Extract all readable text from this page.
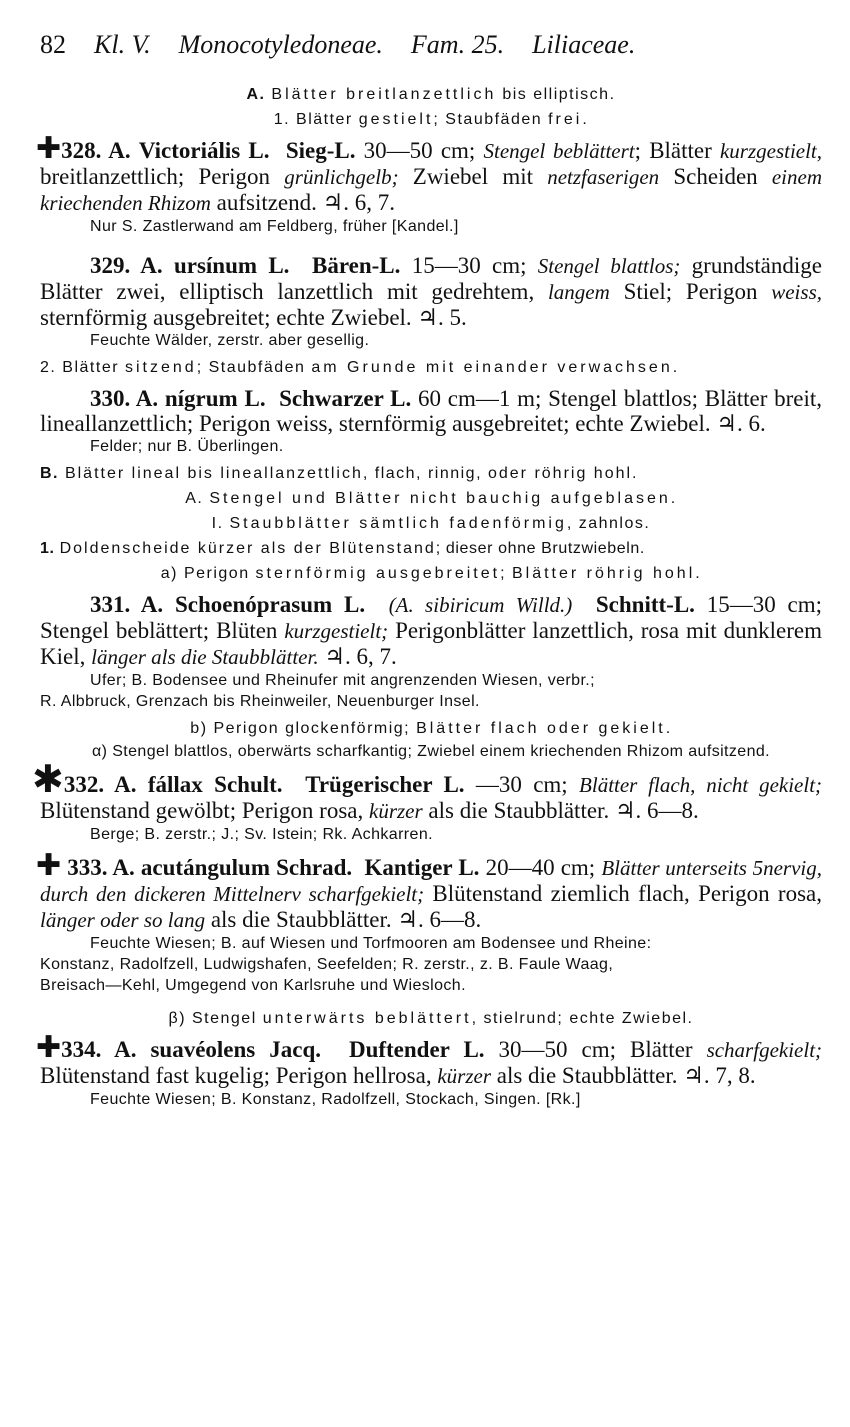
82 Kl. V. Monocotyledoneae. Fam. 25. Liliaceae.
A. Blätter breitlanzettlich bis elliptisch.
1. Blätter gestielt; Staubfäden frei.
✚328. A. Victoriális L. Sieg-L. 30—50 cm; Stengel beblättert; Blätter kurzgestielt, breitlanzettlich; Perigon grünlichgelb; Zwiebel mit netzfaserigen Scheiden einem kriechenden Rhizom aufsitzend. ♃. 6, 7.
Nur S. Zastlerwand am Feldberg, früher [Kandel.]
329. A. ursínum L. Bären-L. 15—30 cm; Stengel blattlos; grundständige Blätter zwei, elliptisch lanzettlich mit gedrehtem, langem Stiel; Perigon weiss, sternförmig ausgebreitet; echte Zwiebel. ♃. 5.
Feuchte Wälder, zerstr. aber gesellig.
2. Blätter sitzend; Staubfäden am Grunde mit einander verwachsen.
330. A. nígrum L. Schwarzer L. 60 cm—1 m; Stengel blattlos; Blätter breit, lineallanzettlich; Perigon weiss, sternförmig ausgebreitet; echte Zwiebel. ♃. 6.
Felder; nur B. Überlingen.
B. Blätter lineal bis lineallanzettlich, flach, rinnig, oder röhrig hohl.
A. Stengel und Blätter nicht bauchig aufgeblasen.
I. Staubblätter sämtlich fadenförmig, zahnlos.
1. Doldenscheide kürzer als der Blütenstand; dieser ohne Brutzwiebeln.
a) Perigon sternförmig ausgebreitet; Blätter röhrig hohl.
331. A. Schoenóprasum L. (A. sibiricum Willd.) Schnitt-L. 15—30 cm; Stengel beblättert; Blüten kurzgestielt; Perigonblätter lanzettlich, rosa mit dunklerem Kiel, länger als die Staubblätter. ♃. 6, 7.
Ufer; B. Bodensee und Rheinufer mit angrenzenden Wiesen, verbr.;
R. Albbruck, Grenzach bis Rheinweiler, Neuenburger Insel.
b) Perigon glockenförmig; Blätter flach oder gekielt.
α) Stengel blattlos, oberwärts scharfkantig; Zwiebel einem kriechenden Rhizom aufsitzend.
✱332. A. fállax Schult. Trügerischer L. —30 cm; Blätter flach, nicht gekielt; Blütenstand gewölbt; Perigon rosa, kürzer als die Staubblätter. ♃. 6—8.
Berge; B. zerstr.; J.; Sv. Istein; Rk. Achkarren.
✚ 333. A. acutángulum Schrad. Kantiger L. 20—40 cm; Blätter unterseits 5nervig, durch den dickeren Mittelnerv scharfgekielt; Blütenstand ziemlich flach, Perigon rosa, länger oder so lang als die Staubblätter. ♃. 6—8.
Feuchte Wiesen; B. auf Wiesen und Torfmooren am Bodensee und Rheine:
Konstanz, Radolfzell, Ludwigshafen, Seefelden; R. zerstr., z. B. Faule Waag,
Breisach—Kehl, Umgegend von Karlsruhe und Wiesloch.
β) Stengel unterwärts beblättert, stielrund; echte Zwiebel.
✚334. A. suavéolens Jacq. Duftender L. 30—50 cm; Blätter scharfgekielt; Blütenstand fast kugelig; Perigon hellrosa, kürzer als die Staubblätter. ♃. 7, 8.
Feuchte Wiesen; B. Konstanz, Radolfzell, Stockach, Singen. [Rk.]
